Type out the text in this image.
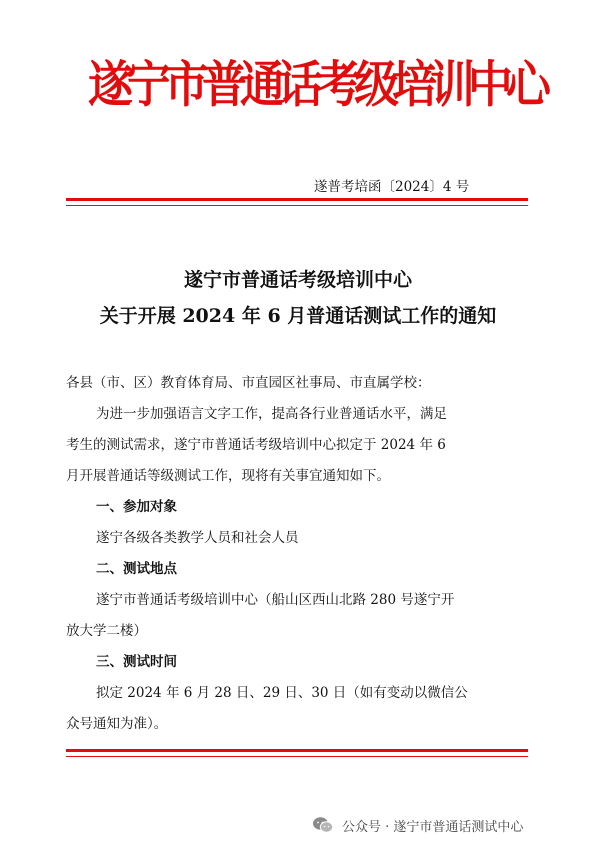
遂宁市普通话考级培训中心
遂普考培函〔2024〕4 号
遂宁市普通话考级培训中心
关于开展 2024 年 6 月普通话测试工作的通知
各县（市、区）教育体育局、市直园区社事局、市直属学校：
为进一步加强语言文字工作，提高各行业普通话水平，满足
考生的测试需求，遂宁市普通话考级培训中心拟定于 2024 年 6
月开展普通话等级测试工作，现将有关事宜通知如下。
一、参加对象
遂宁各级各类教学人员和社会人员
二、测试地点
遂宁市普通话考级培训中心（船山区西山北路 280 号遂宁开
放大学二楼）
三、测试时间
拟定 2024 年 6 月 28 日、29 日、30 日（如有变动以微信公
众号通知为准）。
公众号 · 遂宁市普通话测试中心
